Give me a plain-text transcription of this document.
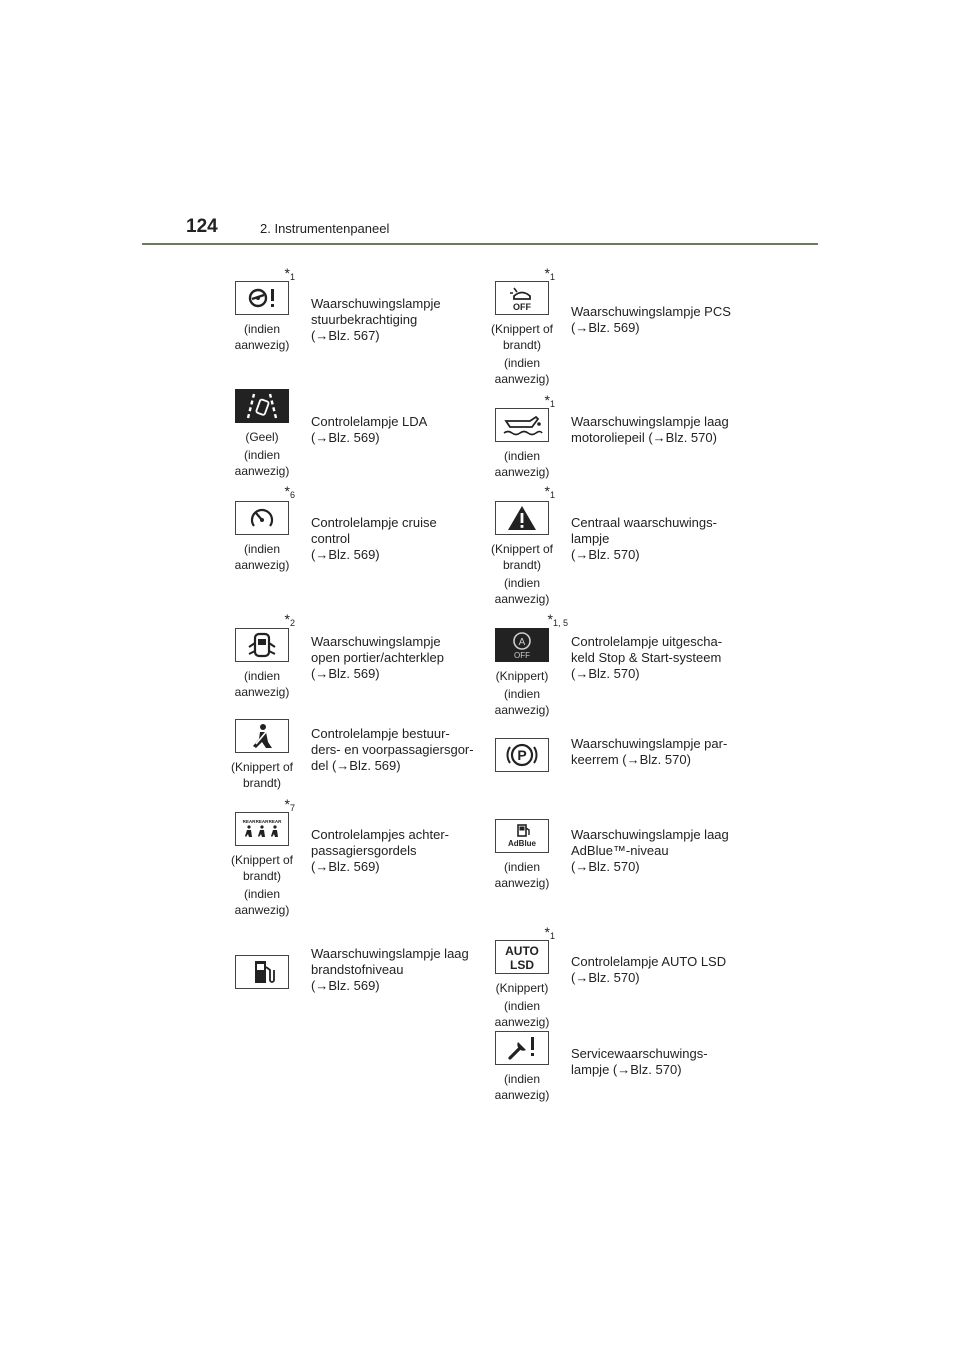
124	2. Instrumentenpaneel
$*_1$
(indien aanwezig)
Waarschuwingslampje
stuurbekrachtiging
(→Blz. 567)
$*_1$
OFF
(Knippert of brandt)
(indien aanwezig)
Waarschuwingslampje PCS
(→Blz. 569)
(Geel)
(indien aanwezig)
Controlelampje LDA
(→Blz. 569)
$*_1$
(indien aanwezig)
Waarschuwingslampje laag
motoroliepeil (→Blz. 570)
$*_6$
(indien aanwezig)
Controlelampje cruise
control
(→Blz. 569)
$*_1$
(Knippert of brandt)
(indien aanwezig)
Centraal waarschuwings-
lampje
(→Blz. 570)
$*_2$
(indien aanwezig)
Waarschuwingslampje
open portier/achterklep
(→Blz. 569)
$*_{1, 5}$
A
OFF
(Knippert)
(indien aanwezig)
Controlelampje uitgescha-
keld Stop & Start-systeem
(→Blz. 570)
(Knippert of brandt)
Controlelampje bestuur-
ders- en voorpassagiersgor-
del (→Blz. 569)
P
Waarschuwingslampje par-
keerrem (→Blz. 570)
$*_7$
REAR REAR REAR
(Knippert of brandt)
(indien aanwezig)
Controlelampjes achter-
passagiersgordels
(→Blz. 569)
AdBlue
(indien aanwezig)
Waarschuwingslampje laag
AdBlue™-niveau
(→Blz. 570)
Waarschuwingslampje laag
brandstofniveau
(→Blz. 569)
$*_1$
AUTO
LSD
(Knippert)
(indien aanwezig)
Controlelampje AUTO LSD
(→Blz. 570)
(indien aanwezig)
Servicewaarschuwings-
lampje (→Blz. 570)
